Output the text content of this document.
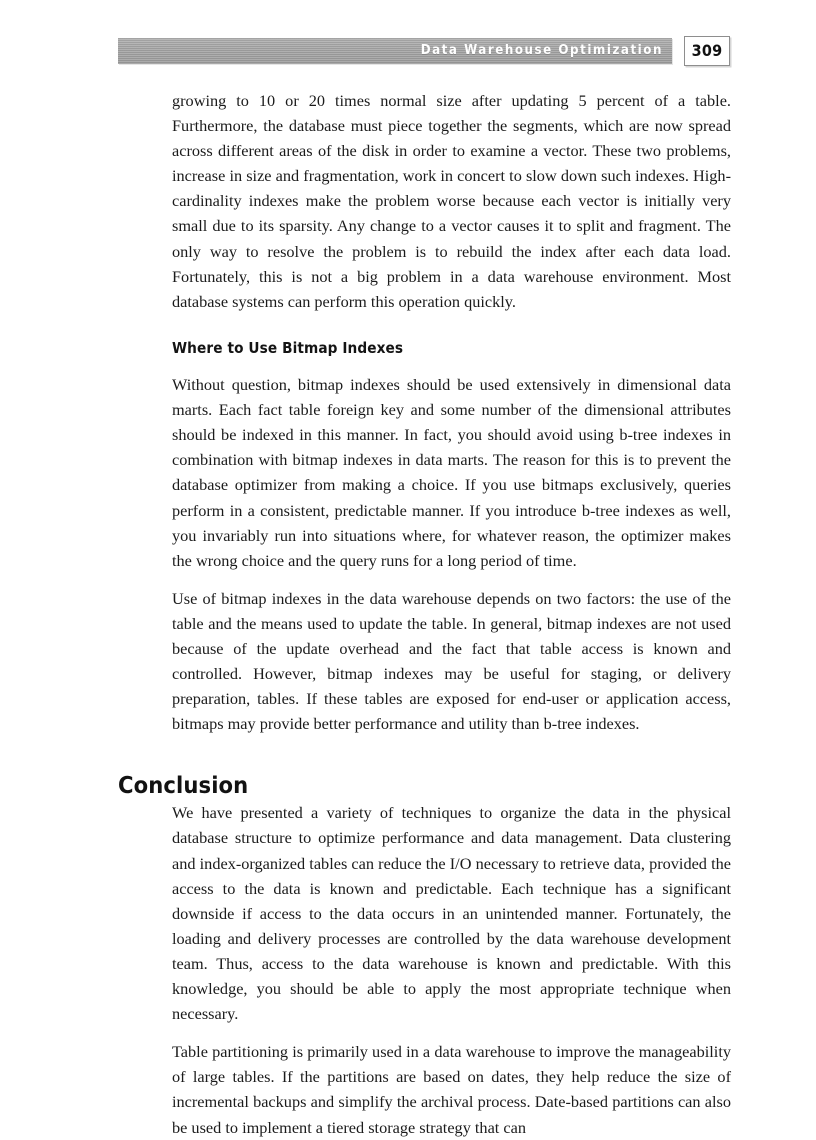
Data Warehouse Optimization 309

growing to 10 or 20 times normal size after updating 5 percent of a table. Furthermore, the database must piece together the segments, which are now spread across different areas of the disk in order to examine a vector. These two problems, increase in size and fragmentation, work in concert to slow down such indexes. High-cardinality indexes make the problem worse because each vector is initially very small due to its sparsity. Any change to a vector causes it to split and fragment. The only way to resolve the problem is to rebuild the index after each data load. Fortunately, this is not a big problem in a data warehouse environment. Most database systems can perform this operation quickly.

Where to Use Bitmap Indexes

Without question, bitmap indexes should be used extensively in dimensional data marts. Each fact table foreign key and some number of the dimensional attributes should be indexed in this manner. In fact, you should avoid using b-tree indexes in combination with bitmap indexes in data marts. The reason for this is to prevent the database optimizer from making a choice. If you use bitmaps exclusively, queries perform in a consistent, predictable manner. If you introduce b-tree indexes as well, you invariably run into situations where, for whatever reason, the optimizer makes the wrong choice and the query runs for a long period of time.

Use of bitmap indexes in the data warehouse depends on two factors: the use of the table and the means used to update the table. In general, bitmap indexes are not used because of the update overhead and the fact that table access is known and controlled. However, bitmap indexes may be useful for staging, or delivery preparation, tables. If these tables are exposed for end-user or application access, bitmaps may provide better performance and utility than b-tree indexes.

Conclusion

We have presented a variety of techniques to organize the data in the physical database structure to optimize performance and data management. Data clustering and index-organized tables can reduce the I/O necessary to retrieve data, provided the access to the data is known and predictable. Each technique has a significant downside if access to the data occurs in an unintended manner. Fortunately, the loading and delivery processes are controlled by the data warehouse development team. Thus, access to the data warehouse is known and predictable. With this knowledge, you should be able to apply the most appropriate technique when necessary.

Table partitioning is primarily used in a data warehouse to improve the manageability of large tables. If the partitions are based on dates, they help reduce the size of incremental backups and simplify the archival process. Date-based partitions can also be used to implement a tiered storage strategy that can
